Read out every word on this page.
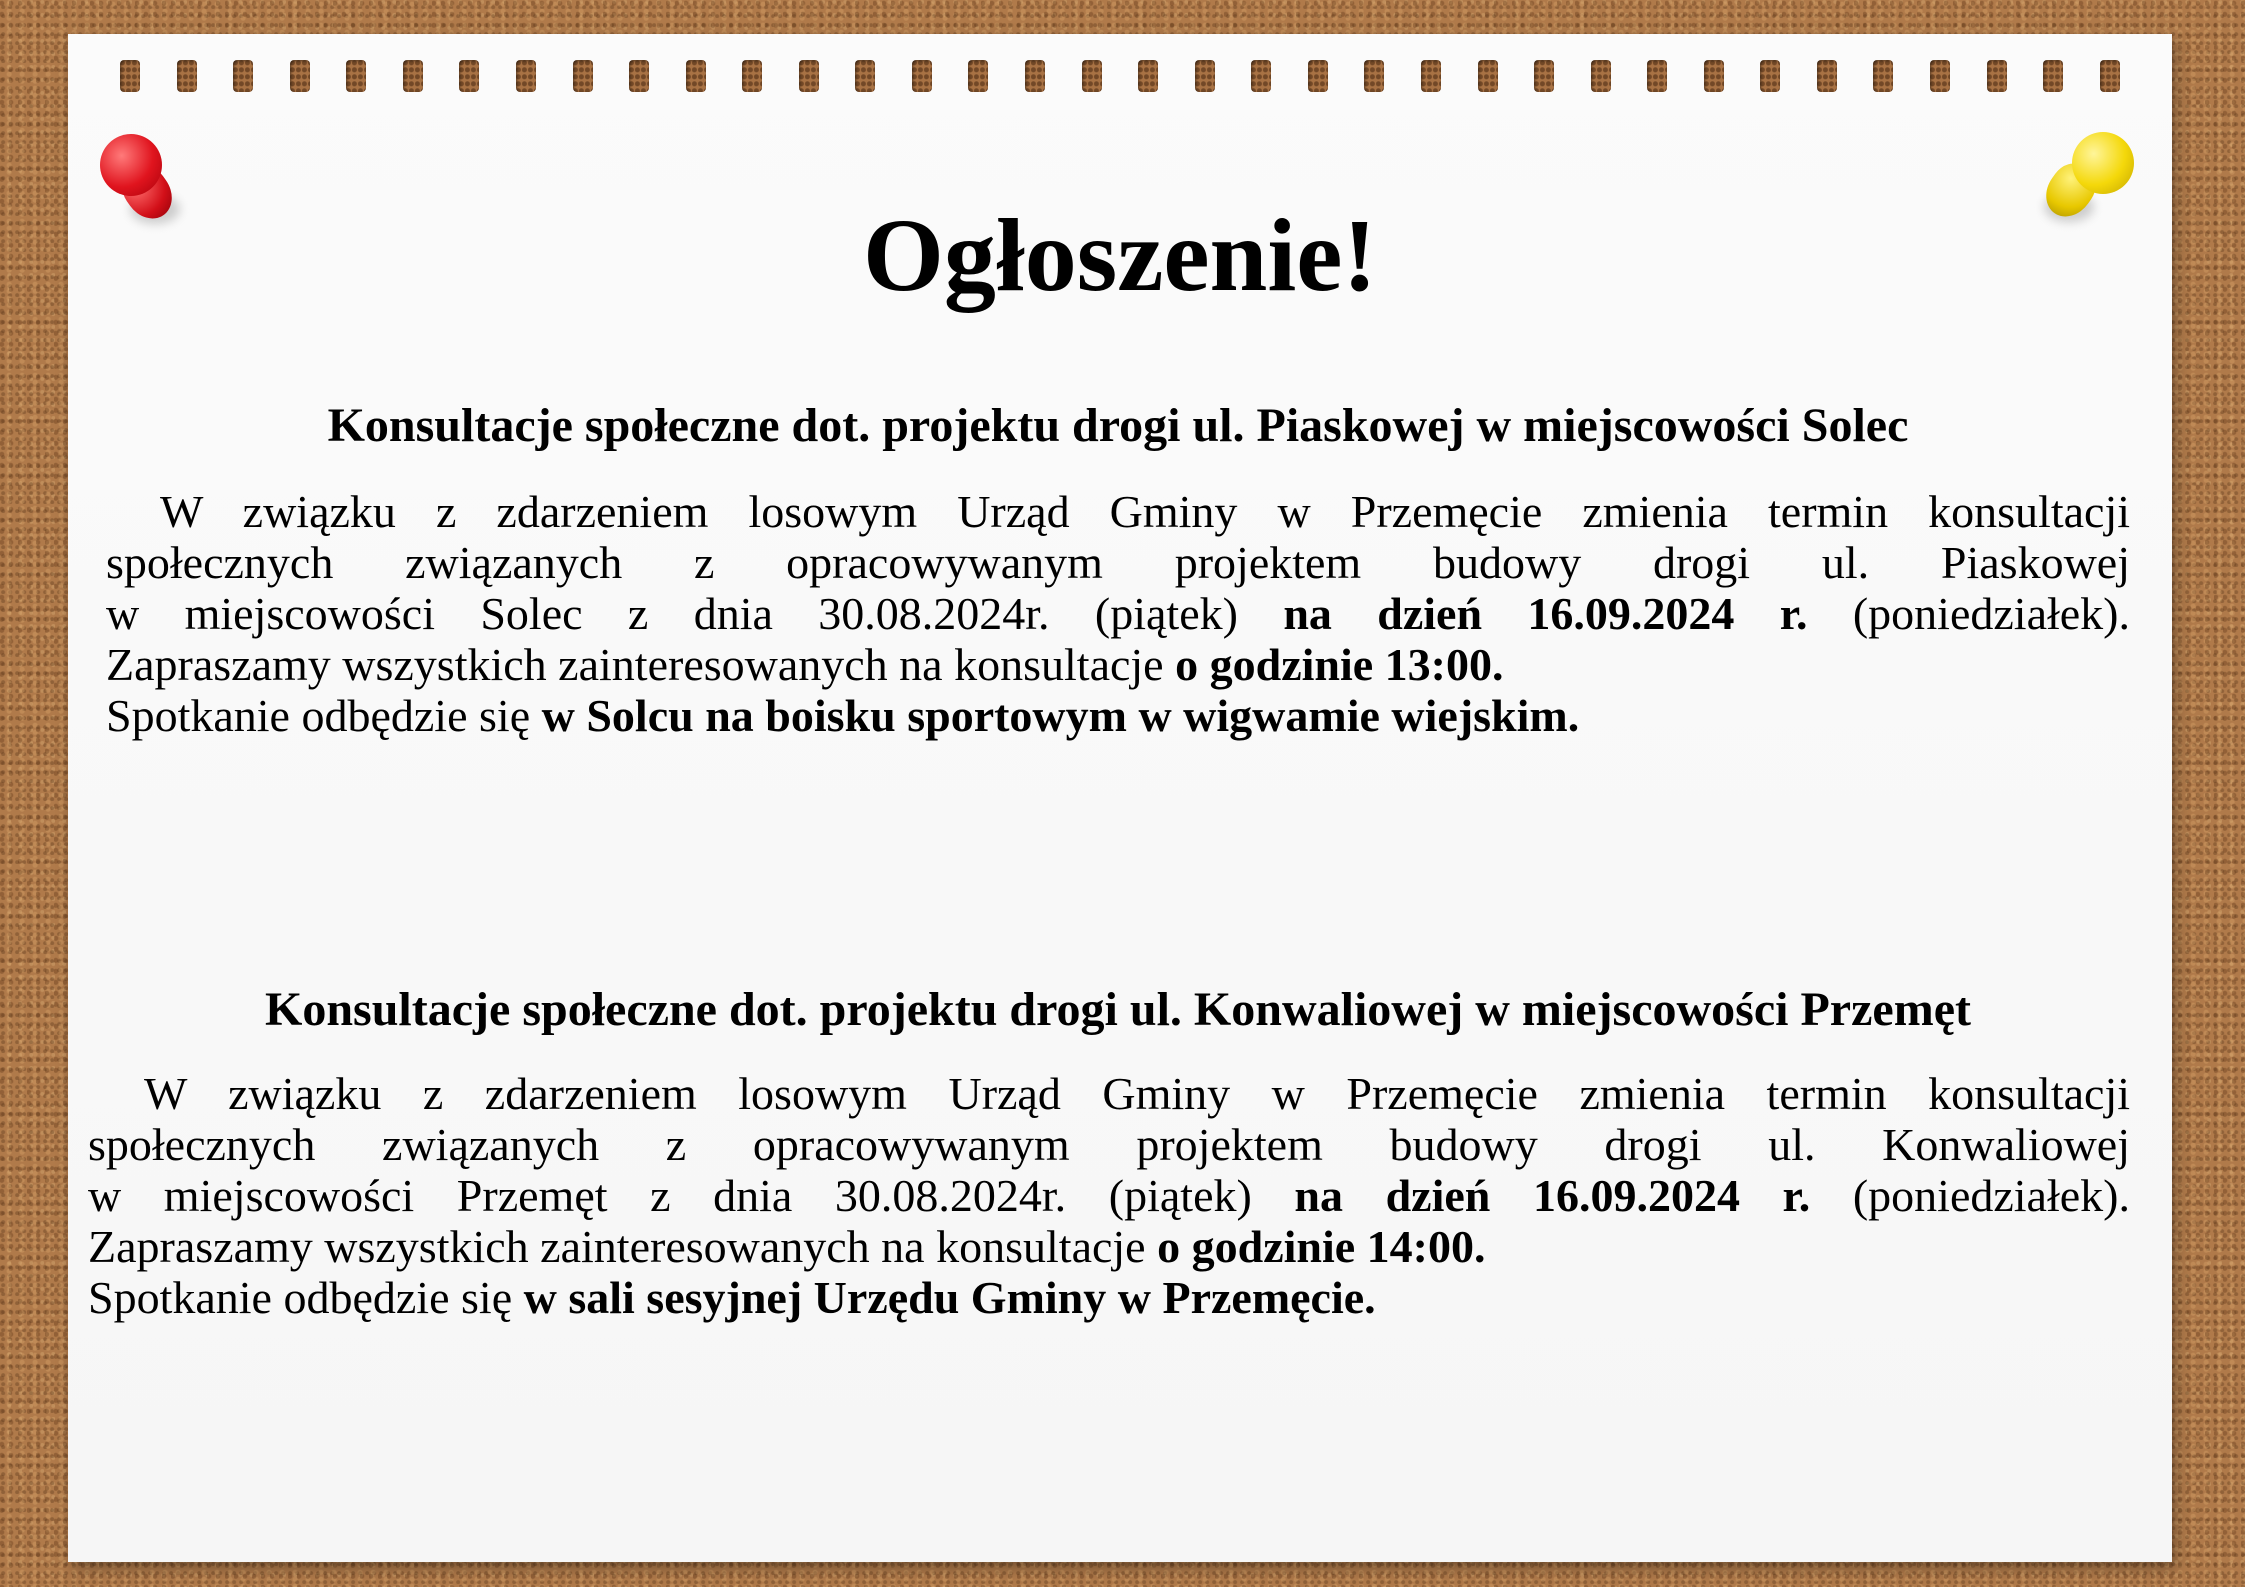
Ogłoszenie!
Konsultacje społeczne dot. projektu drogi ul. Piaskowej w miejscowości Solec
W związku z zdarzeniem losowym Urząd Gminy w Przemęcie zmienia termin konsultacji
społecznych związanych z opracowywanym projektem budowy drogi ul. Piaskowej
w miejscowości Solec z dnia 30.08.2024r. (piątek) na dzień 16.09.2024 r. (poniedziałek).
Zapraszamy wszystkich zainteresowanych na konsultacje o godzinie 13:00.
Spotkanie odbędzie się w Solcu na boisku sportowym w wigwamie wiejskim.
Konsultacje społeczne dot. projektu drogi ul. Konwaliowej w miejscowości Przemęt
W związku z zdarzeniem losowym Urząd Gminy w Przemęcie zmienia termin konsultacji
społecznych związanych z opracowywanym projektem budowy drogi ul. Konwaliowej
w miejscowości Przemęt z dnia 30.08.2024r. (piątek) na dzień 16.09.2024 r. (poniedziałek).
Zapraszamy wszystkich zainteresowanych na konsultacje o godzinie 14:00.
Spotkanie odbędzie się w sali sesyjnej Urzędu Gminy w Przemęcie.
